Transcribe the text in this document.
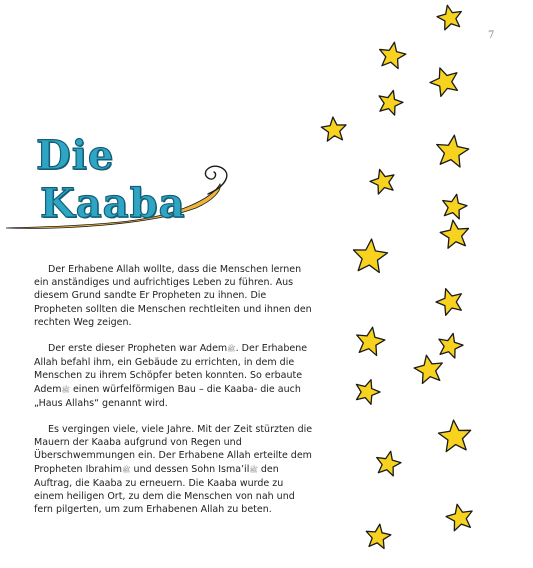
7
Die
Kaaba

Der Erhabene Allah wollte, dass die Menschen lernen ein anständiges und aufrichtiges Leben zu führen. Aus diesem Grund sandte Er Propheten zu ihnen. Die Propheten sollten die Menschen rechtleiten und ihnen den rechten Weg zeigen.

Der erste dieser Propheten war Ademﷺ. Der Erhabene Allah befahl ihm, ein Gebäude zu errichten, in dem die Menschen zu ihrem Schöpfer beten konnten. So erbaute Ademﷺ einen würfelförmigen Bau – die Kaaba- die auch „Haus Allahs“ genannt wird.

Es vergingen viele, viele Jahre. Mit der Zeit stürzten die Mauern der Kaaba aufgrund von Regen und Überschwemmungen ein. Der Erhabene Allah erteilte dem Propheten Ibrahimﷺ und dessen Sohn Isma’ilﷺ den Auftrag, die Kaaba zu erneuern. Die Kaaba wurde zu einem heiligen Ort, zu dem die Menschen von nah und fern pilgerten, um zum Erhabenen Allah zu beten.
